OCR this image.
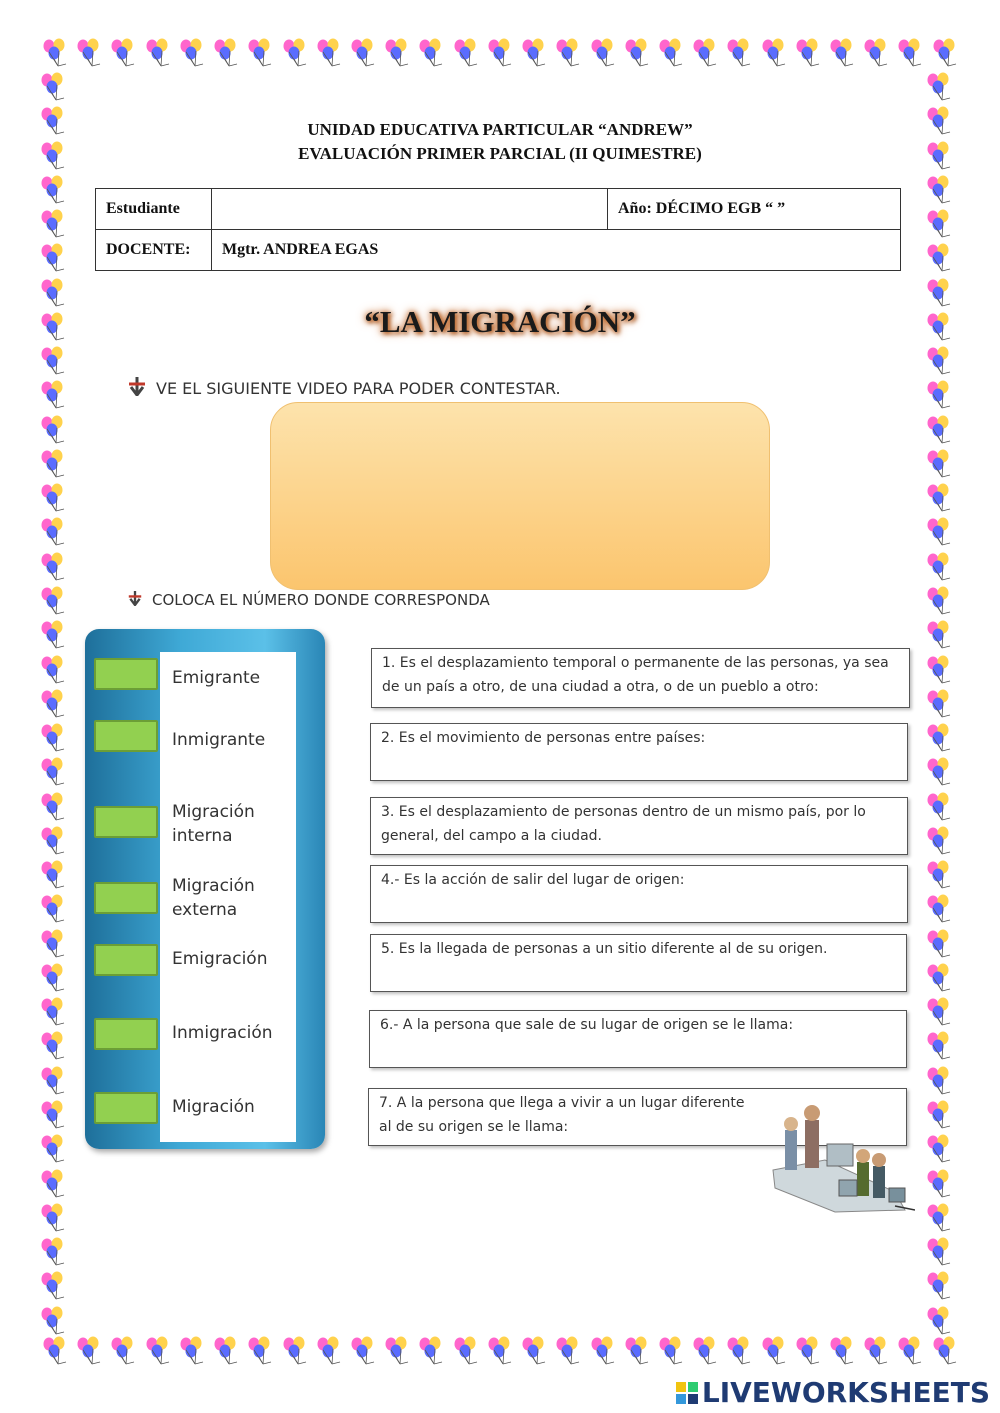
UNIDAD EDUCATIVA PARTICULAR “ANDREW”
EVALUACIÓN PRIMER PARCIAL (II QUIMESTRE)
Estudiante		Año: DÉCIMO EGB “ ”
DOCENTE:	Mgtr. ANDREA EGAS	
“LA MIGRACIÓN”
VE EL SIGUIENTE VIDEO PARA PODER CONTESTAR.
COLOCA EL NÚMERO DONDE CORRESPONDA
Emigrante
Inmigrante
Migración interna
Migración externa
Emigración
Inmigración
Migración
1. Es el desplazamiento temporal o permanente de las personas, ya sea de un país a otro, de una ciudad a otra, o de un pueblo a otro:
2. Es el movimiento de personas entre países:
3. Es el desplazamiento de personas dentro de un mismo país, por lo general, del campo a la ciudad.
4.- Es la acción de salir del lugar de origen:
5. Es la llegada de personas a un sitio diferente al de su origen.
6.- A la persona que sale de su lugar de origen se le llama:
7. A la persona que llega a vivir a un lugar diferente al de su origen se le llama:
LIVEWORKSHEETS
